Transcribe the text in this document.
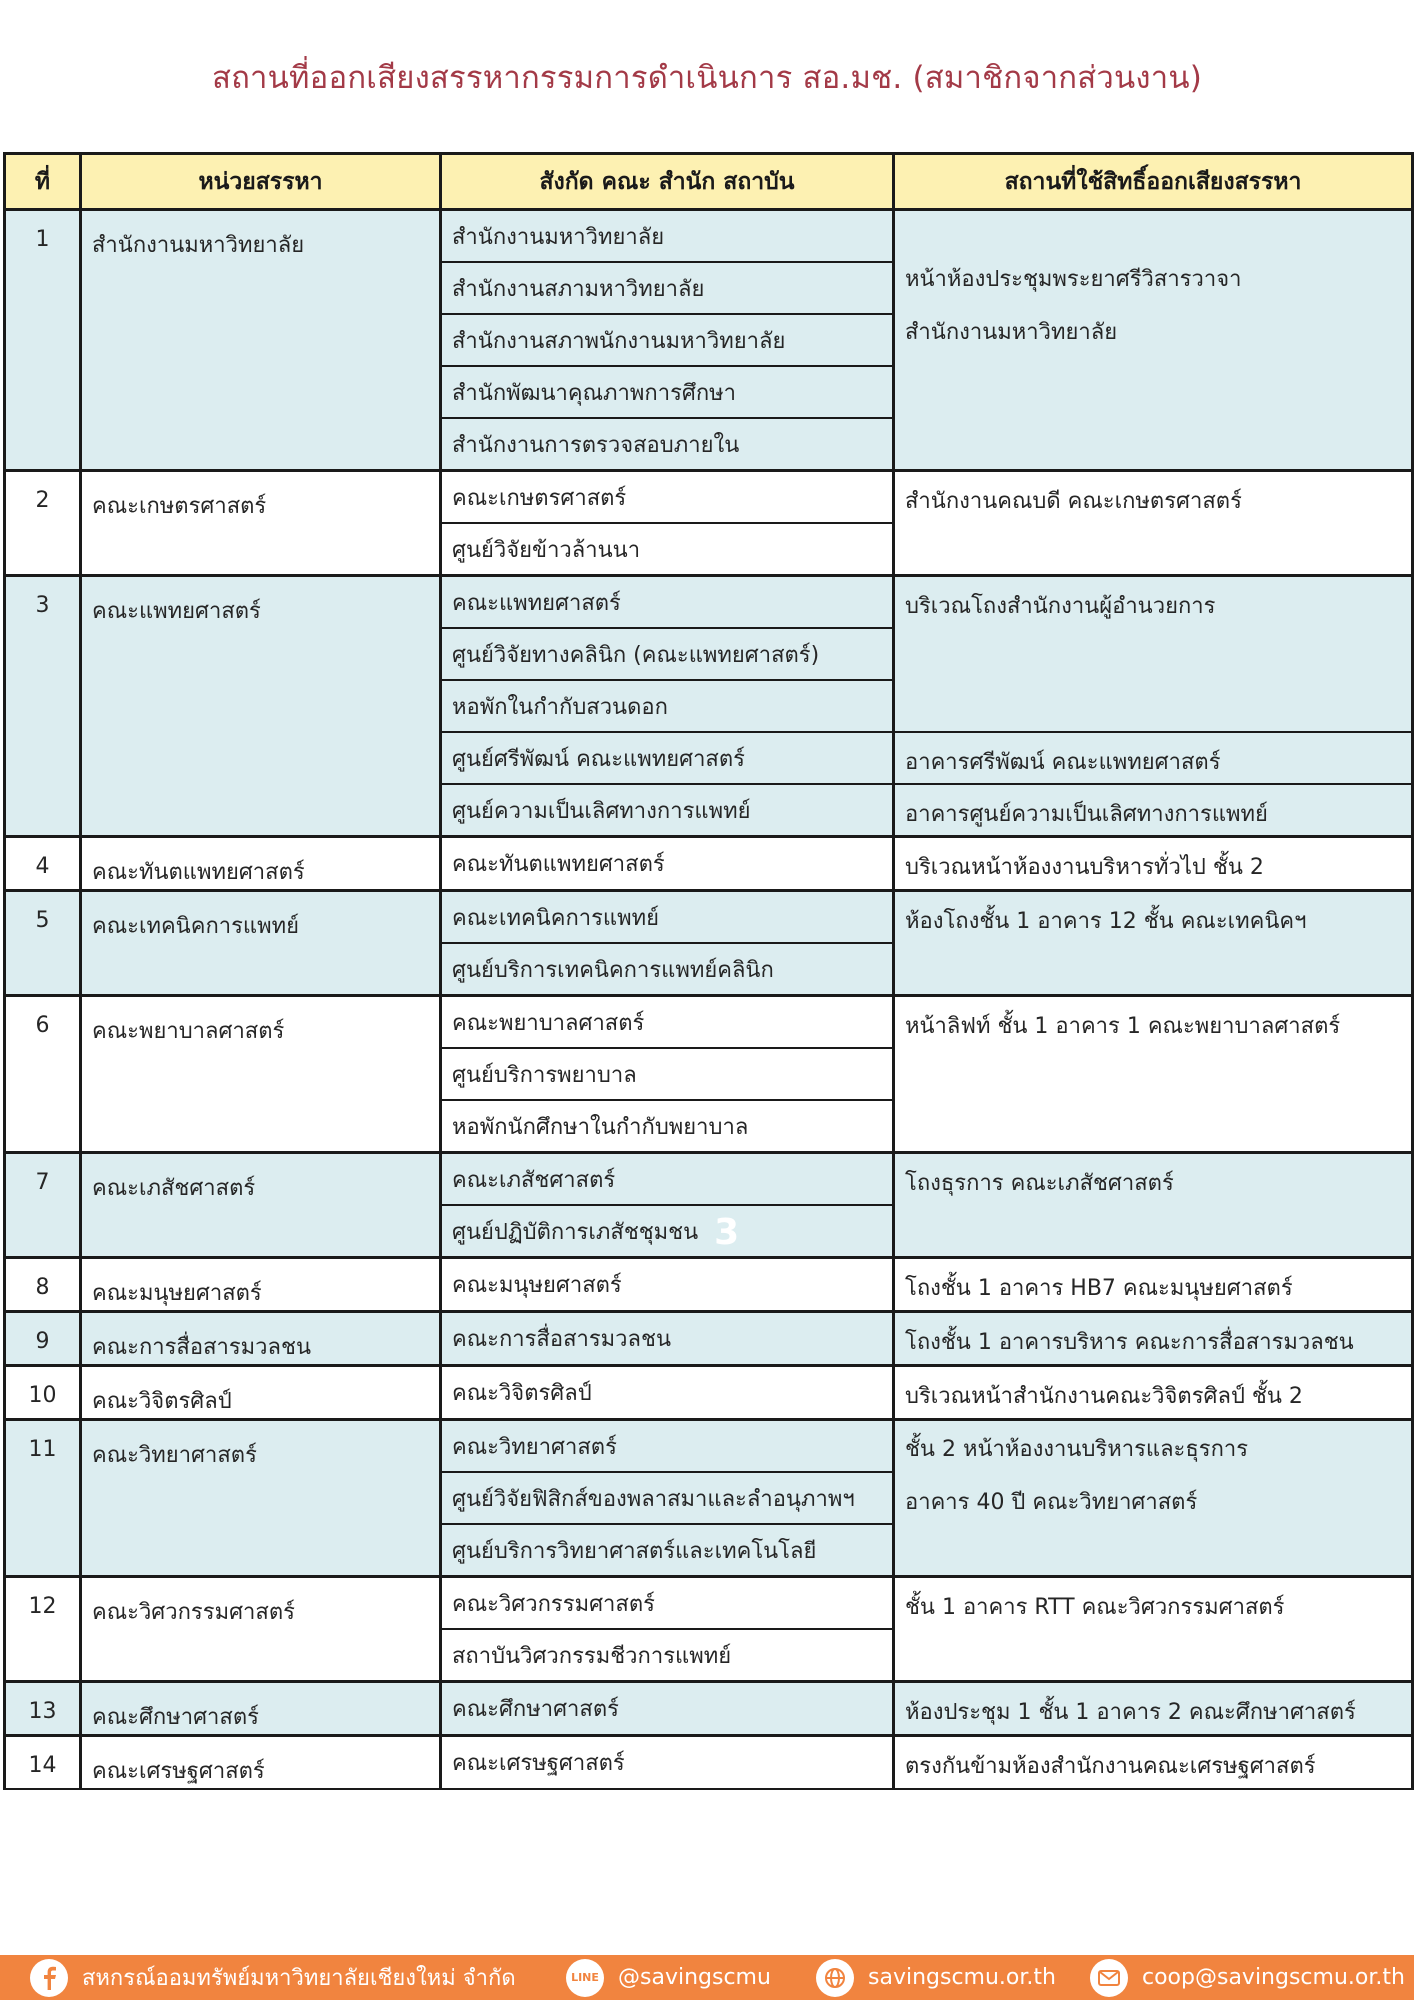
สถานที่ออกเสียงสรรหากรรมการดำเนินการ สอ.มช. (สมาชิกจากส่วนงาน)
ที่	หน่วยสรรหา	สังกัด คณะ สำนัก สถาบัน	สถานที่ใช้สิทธิ์ออกเสียงสรรหา
1	สำนักงานมหาวิทยาลัย	สำนักงานมหาวิทยาลัย	หน้าห้องประชุมพระยาศรีวิสารวาจา
สำนักงานมหาวิทยาลัย

		สำนักงานสภามหาวิทยาลัย	
		สำนักงานสภาพนักงานมหาวิทยาลัย	
		สำนักพัฒนาคุณภาพการศึกษา	
		สำนักงานการตรวจสอบภายใน	
2	คณะเกษตรศาสตร์	คณะเกษตรศาสตร์	สำนักงานคณบดี คณะเกษตรศาสตร์

		ศูนย์วิจัยข้าวล้านนา	
3	คณะแพทยศาสตร์	คณะแพทยศาสตร์	บริเวณโถงสำนักงานผู้อำนวยการ

		ศูนย์วิจัยทางคลินิก (คณะแพทยศาสตร์)	
		หอพักในกำกับสวนดอก	
		ศูนย์ศรีพัฒน์ คณะแพทยศาสตร์	อาคารศรีพัฒน์ คณะแพทยศาสตร์

		ศูนย์ความเป็นเลิศทางการแพทย์	อาคารศูนย์ความเป็นเลิศทางการแพทย์

4	คณะทันตแพทยศาสตร์	คณะทันตแพทยศาสตร์	บริเวณหน้าห้องงานบริหารทั่วไป ชั้น 2

5	คณะเทคนิคการแพทย์	คณะเทคนิคการแพทย์	ห้องโถงชั้น 1 อาคาร 12 ชั้น คณะเทคนิคฯ

		ศูนย์บริการเทคนิคการแพทย์คลินิก	
6	คณะพยาบาลศาสตร์	คณะพยาบาลศาสตร์	หน้าลิฟท์ ชั้น 1 อาคาร 1 คณะพยาบาลศาสตร์

		ศูนย์บริการพยาบาล	
		หอพักนักศึกษาในกำกับพยาบาล	
7	คณะเภสัชศาสตร์	คณะเภสัชศาสตร์	โถงธุรการ คณะเภสัชศาสตร์

		ศูนย์ปฏิบัติการเภสัชชุมชน 3	
8	คณะมนุษยศาสตร์	คณะมนุษยศาสตร์	โถงชั้น 1 อาคาร HB7 คณะมนุษยศาสตร์

9	คณะการสื่อสารมวลชน	คณะการสื่อสารมวลชน	โถงชั้น 1 อาคารบริหาร คณะการสื่อสารมวลชน

10	คณะวิจิตรศิลป์	คณะวิจิตรศิลป์	บริเวณหน้าสำนักงานคณะวิจิตรศิลป์ ชั้น 2

11	คณะวิทยาศาสตร์	คณะวิทยาศาสตร์	ชั้น 2 หน้าห้องงานบริหารและธุรการ
อาคาร 40 ปี คณะวิทยาศาสตร์

		ศูนย์วิจัยฟิสิกส์ของพลาสมาและลำอนุภาพฯ	
		ศูนย์บริการวิทยาศาสตร์และเทคโนโลยี	
12	คณะวิศวกรรมศาสตร์	คณะวิศวกรรมศาสตร์	ชั้น 1 อาคาร RTT คณะวิศวกรรมศาสตร์

		สถาบันวิศวกรรมชีวการแพทย์	
13	คณะศึกษาศาสตร์	คณะศึกษาศาสตร์	ห้องประชุม 1 ชั้น 1 อาคาร 2 คณะศึกษาศาสตร์

14	คณะเศรษฐศาสตร์	คณะเศรษฐศาสตร์	ตรงกันข้ามห้องสำนักงานคณะเศรษฐศาสตร์
สหกรณ์ออมทรัพย์มหาวิทยาลัยเชียงใหม่ จำกัด	LINE @savingscmu	savingscmu.or.th	coop@savingscmu.or.th
